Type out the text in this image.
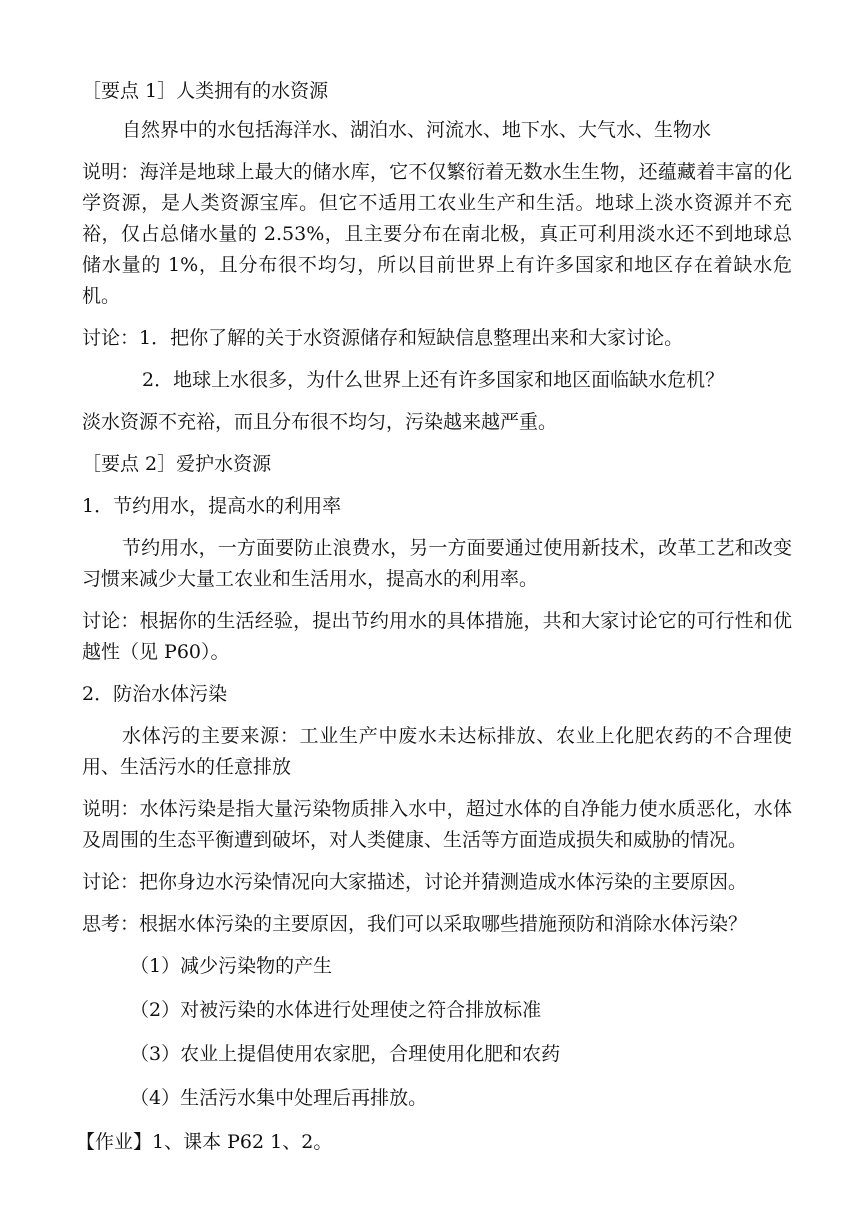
［要点 1］人类拥有的水资源

自然界中的水包括海洋水、湖泊水、河流水、地下水、大气水、生物水

说明：海洋是地球上最大的储水库，它不仅繁衍着无数水生生物，还蕴藏着丰富的化学资源，是人类资源宝库。但它不适用工农业生产和生活。地球上淡水资源并不充裕，仅占总储水量的 2.53%，且主要分布在南北极，真正可利用淡水还不到地球总储水量的 1%，且分布很不均匀，所以目前世界上有许多国家和地区存在着缺水危机。

讨论：1．把你了解的关于水资源储存和短缺信息整理出来和大家讨论。

2．地球上水很多，为什么世界上还有许多国家和地区面临缺水危机？

淡水资源不充裕，而且分布很不均匀，污染越来越严重。

［要点 2］爱护水资源

1．节约用水，提高水的利用率

节约用水，一方面要防止浪费水，另一方面要通过使用新技术，改革工艺和改变习惯来减少大量工农业和生活用水，提高水的利用率。

讨论：根据你的生活经验，提出节约用水的具体措施，共和大家讨论它的可行性和优越性（见 P60）。

2．防治水体污染

水体污的主要来源：工业生产中废水未达标排放、农业上化肥农药的不合理使用、生活污水的任意排放

说明：水体污染是指大量污染物质排入水中，超过水体的自净能力使水质恶化，水体及周围的生态平衡遭到破坏，对人类健康、生活等方面造成损失和威胁的情况。

讨论：把你身边水污染情况向大家描述，讨论并猜测造成水体污染的主要原因。

思考：根据水体污染的主要原因，我们可以采取哪些措施预防和消除水体污染？

（1）减少污染物的产生

（2）对被污染的水体进行处理使之符合排放标准

（3）农业上提倡使用农家肥，合理使用化肥和农药

（4）生活污水集中处理后再排放。

【作业】1、课本 P62 1、2。
